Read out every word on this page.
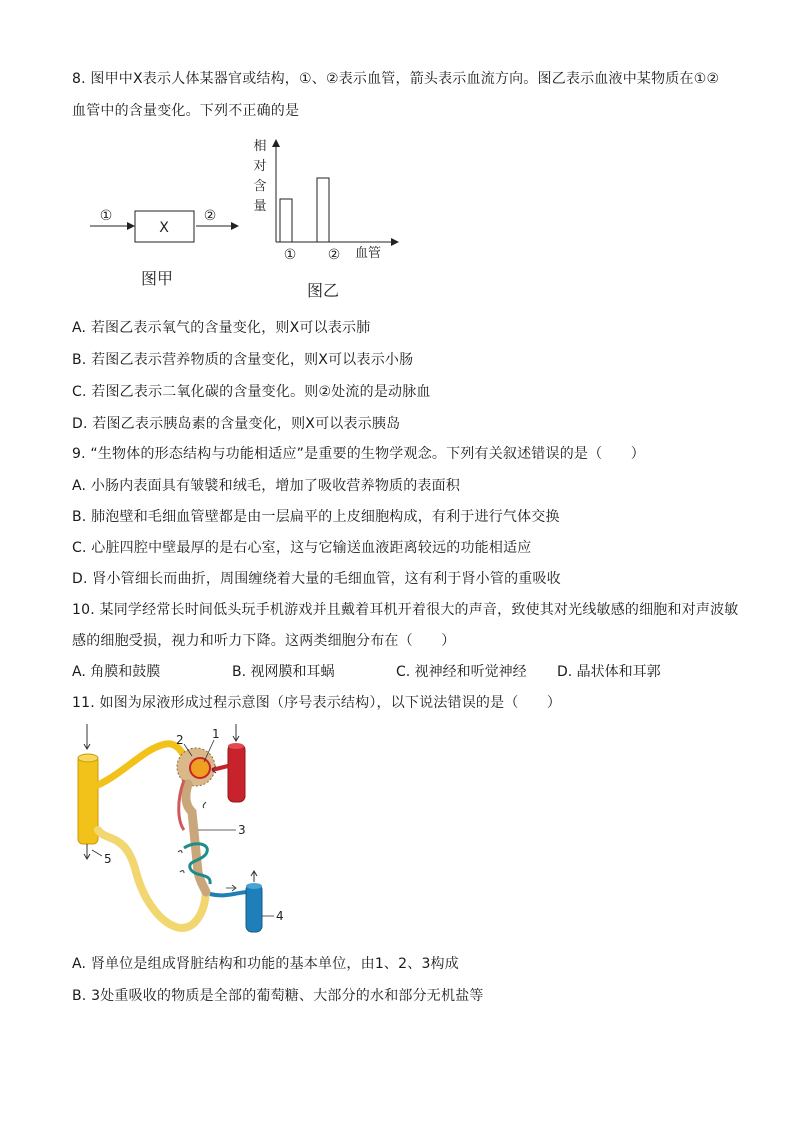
8. 图甲中X表示人体某器官或结构，①、②表示血管，箭头表示血流方向。图乙表示血液中某物质在①②
血管中的含量变化。下列不正确的是
①
X
②
图甲
相
对
含
量
① ② 血管
图乙
A. 若图乙表示氧气的含量变化，则X可以表示肺
B. 若图乙表示营养物质的含量变化，则X可以表示小肠
C. 若图乙表示二氧化碳的含量变化。则②处流的是动脉血
D. 若图乙表示胰岛素的含量变化，则X可以表示胰岛
9. “生物体的形态结构与功能相适应”是重要的生物学观念。下列有关叙述错误的是（　　）
A. 小肠内表面具有皱襞和绒毛，增加了吸收营养物质的表面积
B. 肺泡壁和毛细血管壁都是由一层扁平的上皮细胞构成，有利于进行气体交换
C. 心脏四腔中壁最厚的是右心室，这与它输送血液距离较远的功能相适应
D. 肾小管细长而曲折，周围缠绕着大量的毛细血管，这有利于肾小管的重吸收
10. 某同学经常长时间低头玩手机游戏并且戴着耳机开着很大的声音，致使其对光线敏感的细胞和对声波敏
感的细胞受损，视力和听力下降。这两类细胞分布在（　　）
A. 角膜和鼓膜	B. 视网膜和耳蜗	C. 视神经和听觉神经 D. 晶状体和耳郭
11. 如图为尿液形成过程示意图（序号表示结构），以下说法错误的是（　　）
5
2 1
3
4
A. 肾单位是组成肾脏结构和功能的基本单位，由1、2、3构成
B. 3处重吸收的物质是全部的葡萄糖、大部分的水和部分无机盐等
